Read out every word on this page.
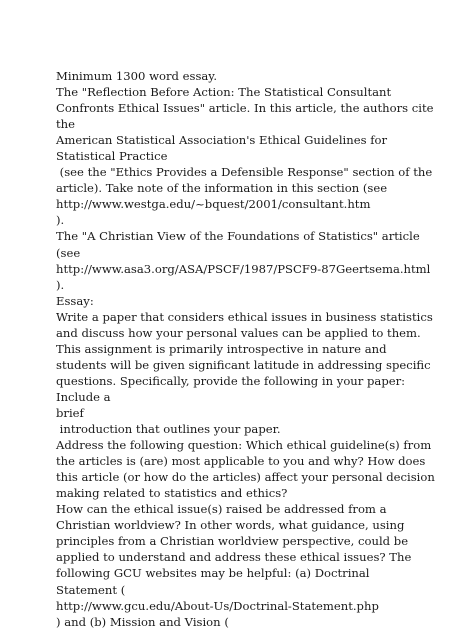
Minimum 1300 word essay.
The "Reflection Before Action: The Statistical Consultant
Confronts Ethical Issues" article. In this article, the authors cite
the
American Statistical Association's Ethical Guidelines for
Statistical Practice
(see the "Ethics Provides a Defensible Response" section of the
article). Take note of the information in this section (see
http://www.westga.edu/~bquest/2001/consultant.htm
).
The "A Christian View of the Foundations of Statistics" article
(see
http://www.asa3.org/ASA/PSCF/1987/PSCF9-87Geertsema.html
).
Essay:
Write a paper that considers ethical issues in business statistics
and discuss how your personal values can be applied to them.
This assignment is primarily introspective in nature and
students will be given significant latitude in addressing specific
questions. Specifically, provide the following in your paper:
Include a
brief
introduction that outlines your paper.
Address the following question: Which ethical guideline(s) from
the articles is (are) most applicable to you and why? How does
this article (or how do the articles) affect your personal decision
making related to statistics and ethics?
How can the ethical issue(s) raised be addressed from a
Christian worldview? In other words, what guidance, using
principles from a Christian worldview perspective, could be
applied to understand and address these ethical issues? The
following GCU websites may be helpful: (a) Doctrinal
Statement (
http://www.gcu.edu/About-Us/Doctrinal-Statement.php
) and (b) Mission and Vision (
